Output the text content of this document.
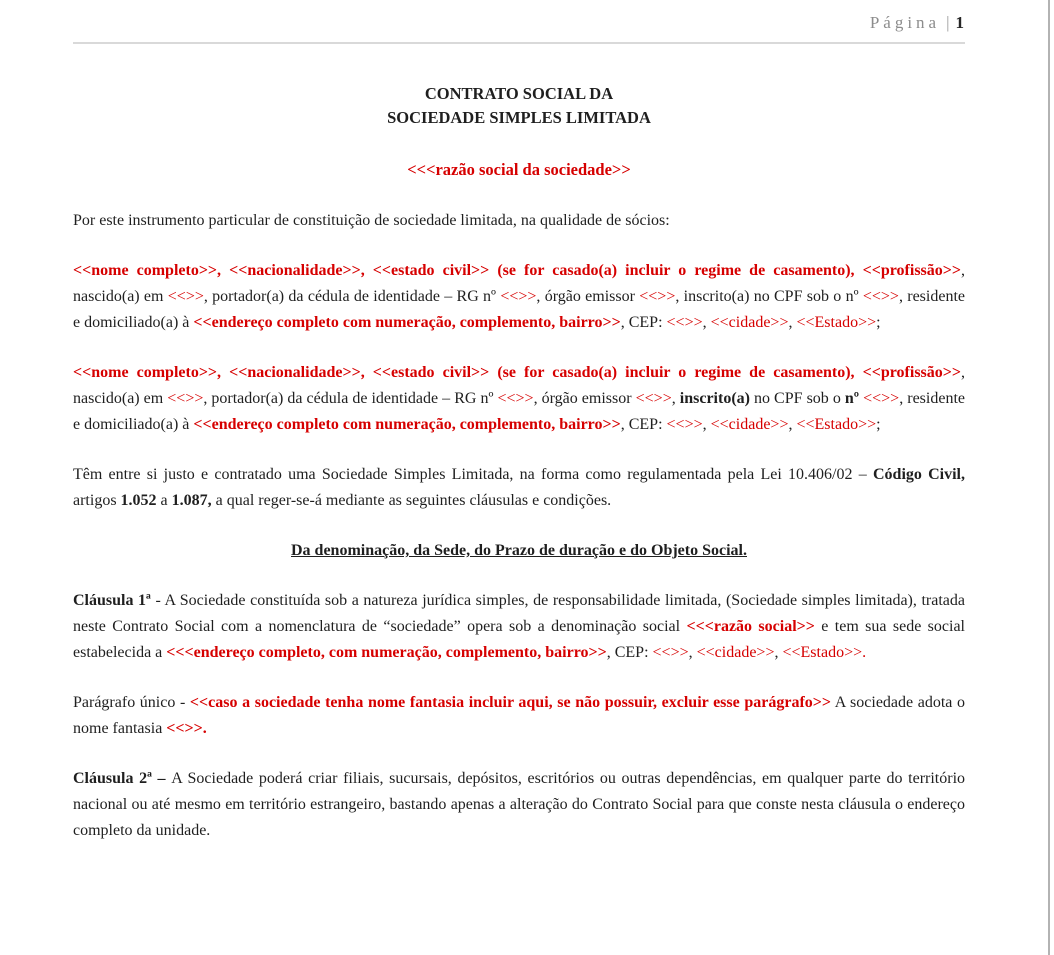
Página | 1
CONTRATO SOCIAL DA
SOCIEDADE SIMPLES LIMITADA
<<<razão social da sociedade>>

Por este instrumento particular de constituição de sociedade limitada, na qualidade de sócios:

<<nome completo>>, <<nacionalidade>>, <<estado civil>> (se for casado(a) incluir o regime de casamento), <<profissão>>, nascido(a) em <<>>, portador(a) da cédula de identidade – RG nº <<>>, órgão emissor <<>>, inscrito(a) no CPF sob o nº <<>>, residente e domiciliado(a) à <<endereço completo com numeração, complemento, bairro>>, CEP: <<>>, <<cidade>>, <<Estado>>;

<<nome completo>>, <<nacionalidade>>, <<estado civil>> (se for casado(a) incluir o regime de casamento), <<profissão>>, nascido(a) em <<>>, portador(a) da cédula de identidade – RG nº <<>>, órgão emissor <<>>, inscrito(a) no CPF sob o nº <<>>, residente e domiciliado(a) à <<endereço completo com numeração, complemento, bairro>>, CEP: <<>>, <<cidade>>, <<Estado>>;

Têm entre si justo e contratado uma Sociedade Simples Limitada, na forma como regulamentada pela Lei 10.406/02 – Código Civil, artigos 1.052 a 1.087, a qual reger-se-á mediante as seguintes cláusulas e condições.

Da denominação, da Sede, do Prazo de duração e do Objeto Social.

Cláusula 1ª - A Sociedade constituída sob a natureza jurídica simples, de responsabilidade limitada, (Sociedade simples limitada), tratada neste Contrato Social com a nomenclatura de “sociedade” opera sob a denominação social <<<razão social>> e tem sua sede social estabelecida a <<<endereço completo, com numeração, complemento, bairro>>, CEP: <<>>, <<cidade>>, <<Estado>>.

Parágrafo único - <<caso a sociedade tenha nome fantasia incluir aqui, se não possuir, excluir esse parágrafo>> A sociedade adota o nome fantasia <<>>.

Cláusula 2ª – A Sociedade poderá criar filiais, sucursais, depósitos, escritórios ou outras dependências, em qualquer parte do território nacional ou até mesmo em território estrangeiro, bastando apenas a alteração do Contrato Social para que conste nesta cláusula o endereço completo da unidade.
